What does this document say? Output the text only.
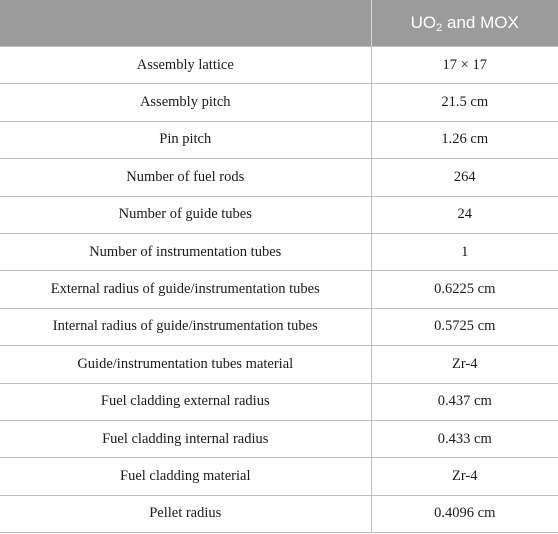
	$UO_2$ and MOX
Assembly lattice	17 × 17
Assembly pitch	21.5 cm
Pin pitch	1.26 cm
Number of fuel rods	264
Number of guide tubes	24
Number of instrumentation tubes	1
External radius of guide/instrumentation tubes	0.6225 cm
Internal radius of guide/instrumentation tubes	0.5725 cm
Guide/instrumentation tubes material	Zr-4
Fuel cladding external radius	0.437 cm
Fuel cladding internal radius	0.433 cm
Fuel cladding material	Zr-4
Pellet radius	0.4096 cm
